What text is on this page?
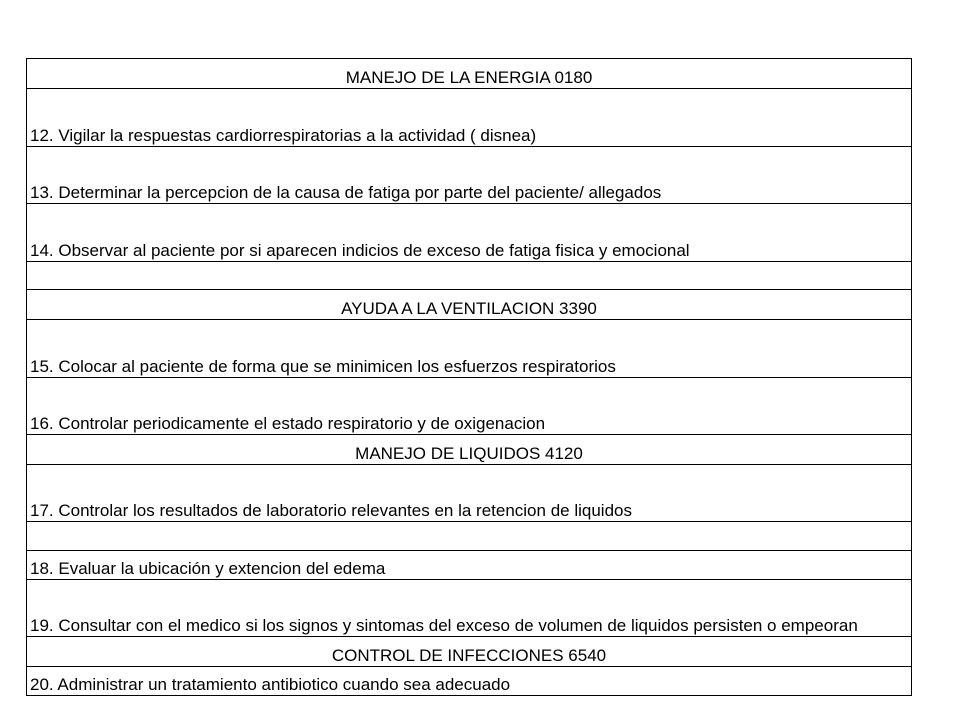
MANEJO DE LA ENERGIA 0180
12. Vigilar la respuestas cardiorrespiratorias a la actividad ( disnea)
13. Determinar la percepcion de la causa de fatiga por parte del paciente/ allegados
14. Observar al paciente por si aparecen indicios de exceso de fatiga fisica y emocional

AYUDA A LA VENTILACION 3390
15. Colocar al paciente de forma que se minimicen los esfuerzos respiratorios
16. Controlar periodicamente el estado respiratorio y de oxigenacion
MANEJO DE LIQUIDOS 4120
17. Controlar los resultados de laboratorio relevantes en la retencion de liquidos

18. Evaluar la ubicación y extencion del edema
19. Consultar con el medico si los signos y sintomas del exceso de volumen de liquidos persisten o empeoran
CONTROL DE INFECCIONES 6540
20. Administrar un tratamiento antibiotico cuando sea adecuado
